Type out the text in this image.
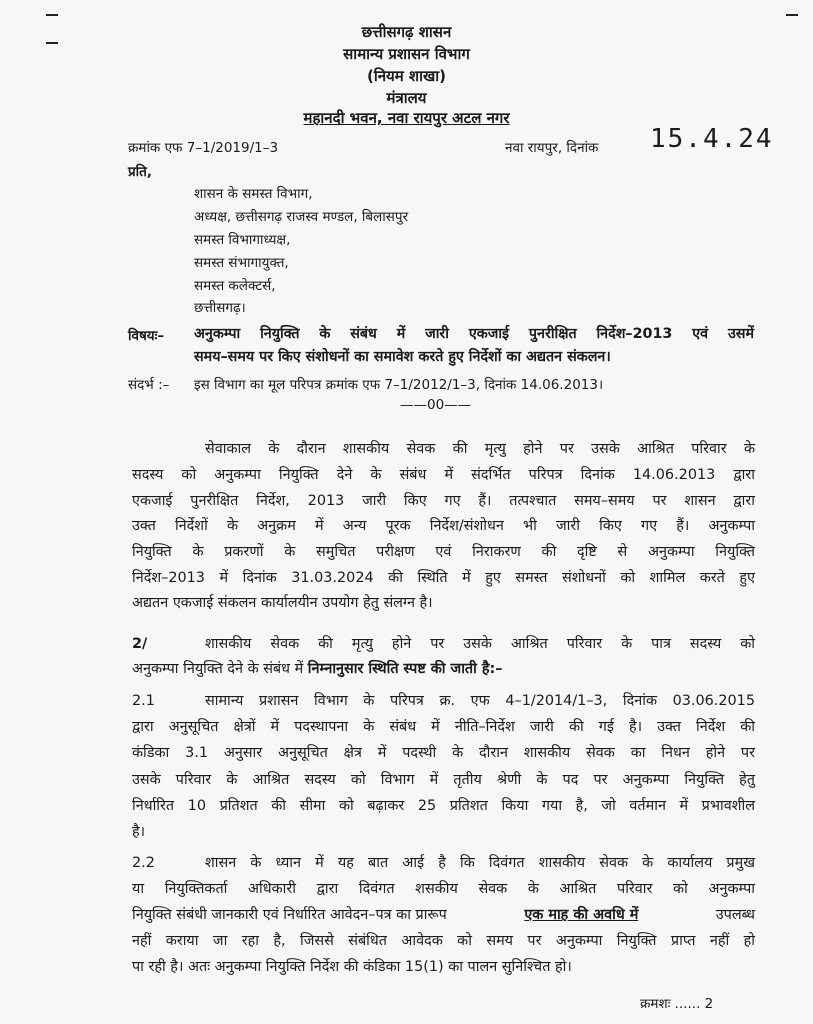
छत्तीसगढ़ शासन
सामान्य प्रशासन विभाग
(नियम शाखा)
मंत्रालय
महानदी भवन, नवा रायपुर अटल नगर
क्रमांक एफ 7–1/2019/1–3	नवा रायपुर, दिनांक 15.4.24
प्रति,
शासन के समस्त विभाग,
अध्यक्ष, छत्तीसगढ़ राजस्व मण्डल, बिलासपुर
समस्त विभागाध्यक्ष,
समस्त संभागायुक्त,
समस्त कलेक्टर्स,
छत्तीसगढ़।
विषयः– अनुकम्पा नियुक्ति के संबंध में जारी एकजाई पुनरीक्षित निर्देश–2013 एवं उसमें
समय–समय पर किए संशोधनों का समावेश करते हुए निर्देशों का अद्यतन संकलन।
संदर्भ :– इस विभाग का मूल परिपत्र क्रमांक एफ 7–1/2012/1–3, दिनांक 14.06.2013।
——00——
सेवाकाल के दौरान शासकीय सेवक की मृत्यु होने पर उसके आश्रित परिवार के
सदस्य को अनुकम्पा नियुक्ति देने के संबंध में संदर्भित परिपत्र दिनांक 14.06.2013 द्वारा
एकजाई पुनरीक्षित निर्देश, 2013 जारी किए गए हैं। तत्पश्चात समय–समय पर शासन द्वारा
उक्त निर्देशों के अनुक्रम में अन्य पूरक निर्देश/संशोधन भी जारी किए गए हैं। अनुकम्पा
नियुक्ति के प्रकरणों के समुचित परीक्षण एवं निराकरण की दृष्टि से अनुकम्पा नियुक्ति
निर्देश–2013 में दिनांक 31.03.2024 की स्थिति में हुए समस्त संशोधनों को शामिल करते हुए
अद्यतन एकजाई संकलन कार्यालयीन उपयोग हेतु संलग्न है।
2/	शासकीय सेवक की मृत्यु होने पर उसके आश्रित परिवार के पात्र सदस्य को
अनुकम्पा नियुक्ति देने के संबंध में निम्नानुसार स्थिति स्पष्ट की जाती है:–
2.1	सामान्य प्रशासन विभाग के परिपत्र क्र. एफ 4–1/2014/1–3, दिनांक 03.06.2015
द्वारा अनुसूचित क्षेत्रों में पदस्थापना के संबंध में नीति–निर्देश जारी की गई है। उक्त निर्देश की
कंडिका 3.1 अनुसार अनुसूचित क्षेत्र में पदस्थी के दौरान शासकीय सेवक का निधन होने पर
उसके परिवार के आश्रित सदस्य को विभाग में तृतीय श्रेणी के पद पर अनुकम्पा नियुक्ति हेतु
निर्धारित 10 प्रतिशत की सीमा को बढ़ाकर 25 प्रतिशत किया गया है, जो वर्तमान में प्रभावशील
है।
2.2	शासन के ध्यान में यह बात आई है कि दिवंगत शासकीय सेवक के कार्यालय प्रमुख
या नियुक्तिकर्ता अधिकारी द्वारा दिवंगत शसकीय सेवक के आश्रित परिवार को अनुकम्पा
नियुक्ति संबंधी जानकारी एवं निर्धारित आवेदन–पत्र का प्रारूप	एक माह की अवधि में	उपलब्ध
नहीं कराया जा रहा है, जिससे संबंधित आवेदक को समय पर अनुकम्पा नियुक्ति प्राप्त नहीं हो
पा रही है। अतः अनुकम्पा नियुक्ति निर्देश की कंडिका 15(1) का पालन सुनिश्चित हो।
क्रमशः ...... 2
